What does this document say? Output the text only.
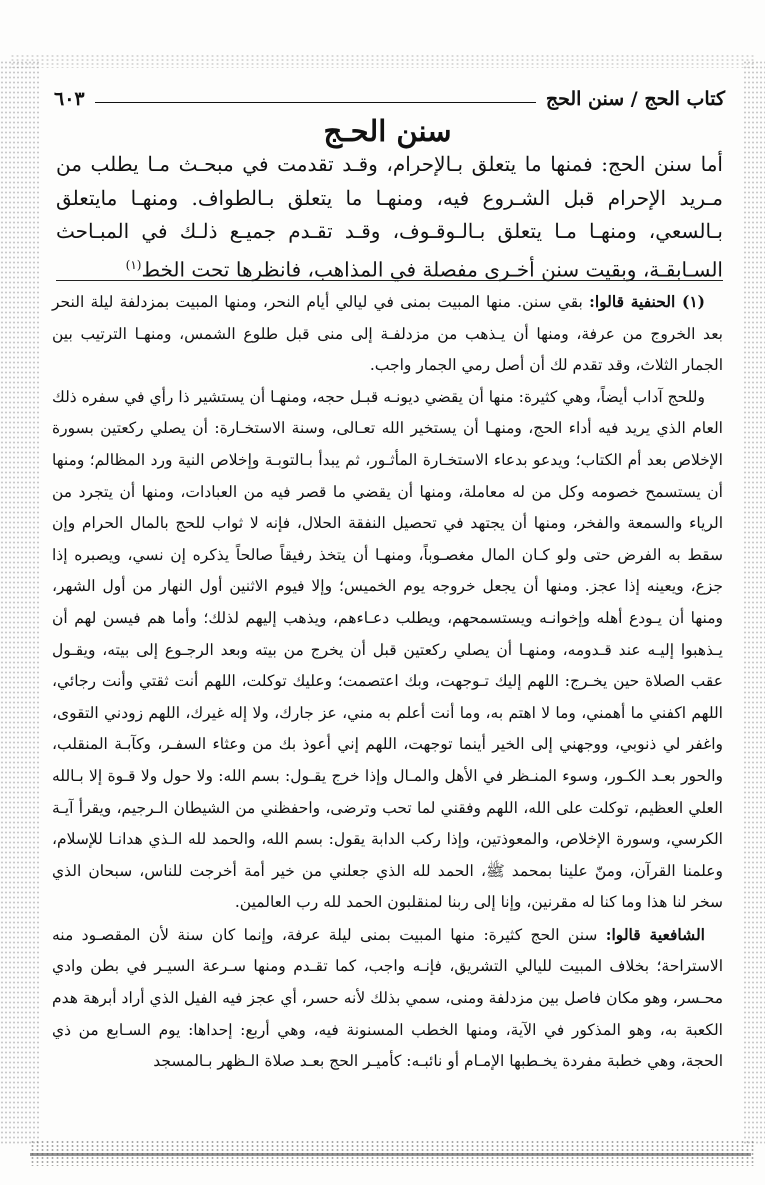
كتاب الحج / سنن الحج
٦٠٣
سنن الحـج
أما سنن الحج: فمنها ما يتعلق بـالإحرام، وقـد تقدمت في مبحـث مـا يطلب من مـريد الإحرام قبل الشـروع فيه، ومنهـا ما يتعلق بـالطواف. ومنهـا مايتعلق بـالسعي، ومنهـا مـا يتعلق بـالـوقـوف، وقـد تقـدم جميـع ذلـك في المبـاحث السـابقـة، وبقيت سنن أخـرى مفصلة في المذاهب، فانظرها تحت الخط$^{(١)}$

(١) الحنفية قالوا: بقي سنن. منها المبيت بمنى في ليالي أيام النحر، ومنها المبيت بمزدلفة ليلة النحر بعد الخروج من عرفة، ومنها أن يـذهب من مزدلفـة إلى منى قبل طلوع الشمس، ومنهـا الترتيب بين الجمار الثلاث، وقد تقدم لك أن أصل رمي الجمار واجب.

وللحج آداب أيضاً، وهي كثيرة: منها أن يقضي ديونـه قبـل حجه، ومنهـا أن يستشير ذا رأي في سفره ذلك العام الذي يريد فيه أداء الحج، ومنهـا أن يستخير الله تعـالى، وسنة الاستخـارة: أن يصلي ركعتين بسورة الإخلاص بعد أم الكتاب؛ ويدعو بدعاء الاستخـارة المأثـور، ثم يبدأ بـالتوبـة وإخلاص النية ورد المظالم؛ ومنها أن يستسمح خصومه وكل من له معاملة، ومنها أن يقضي ما قصر فيه من العبادات، ومنها أن يتجرد من الرياء والسمعة والفخر، ومنها أن يجتهد في تحصيل النفقة الحلال، فإنه لا ثواب للحج بالمال الحرام وإن سقط به الفرض حتى ولو كـان المال مغصـوباً، ومنهـا أن يتخذ رفيقاً صالحاً يذكره إن نسي، ويصبره إذا جزع، ويعينه إذا عجز. ومنها أن يجعل خروجه يوم الخميس؛ وإلا فيوم الاثنين أول النهار من أول الشهر، ومنها أن يـودع أهله وإخوانـه ويستسمحهم، ويطلب دعـاءهم، ويذهب إليهم لذلك؛ وأما هم فيسن لهم أن يـذهبوا إليـه عند قـدومه، ومنهـا أن يصلي ركعتين قبل أن يخرج من بيته وبعد الرجـوع إلى بيته، ويقـول عقب الصلاة حين يخـرج: اللهم إليك تـوجهت، وبك اعتصمت؛ وعليك توكلت، اللهم أنت ثقتي وأنت رجائي، اللهم اكفني ما أهمني، وما لا اهتم به، وما أنت أعلم به مني، عز جارك، ولا إله غيرك، اللهم زودني التقوى، واغفر لي ذنوبي، ووجهني إلى الخير أينما توجهت، اللهم إني أعوذ بك من وعثاء السفـر، وكآبـة المنقلب، والحور بعـد الكـور، وسوء المنـظر في الأهل والمـال وإذا خرج يقـول: بسم الله: ولا حول ولا قـوة إلا بـالله العلي العظيم، توكلت على الله، اللهم وفقني لما تحب وترضى، واحفظني من الشيطان الـرجيم، ويقرأ آيـة الكرسي، وسورة الإخلاص، والمعوذتين، وإذا ركب الدابة يقول: بسم الله، والحمد لله الـذي هدانـا للإسلام، وعلمنا القرآن، ومنّ علينا بمحمد ﷺ، الحمد لله الذي جعلني من خير أمة أخرجت للناس، سبحان الذي سخر لنا هذا وما كنا له مقرنين، وإنا إلى ربنا لمنقلبون الحمد لله رب العالمين.

الشافعية قالوا: سنن الحج كثيرة: منها المبيت بمنى ليلة عرفة، وإنما كان سنة لأن المقصـود منه الاستراحة؛ بخلاف المبيت لليالي التشريق، فإنـه واجب، كما تقـدم ومنها سـرعة السيـر في بطن وادي محـسر، وهو مكان فاصل بين مزدلفة ومنى، سمي بذلك لأنه حسر، أي عجز فيه الفيل الذي أراد أبرهة هدم الكعبة به، وهو المذكور في الآية، ومنها الخطب المسنونة فيه، وهي أربع: إحداها: يوم السـابع من ذي الحجة، وهي خطبة مفردة يخـطبها الإمـام أو نائبـه: كأميـر الحج بعـد صلاة الـظهر بـالمسجد
